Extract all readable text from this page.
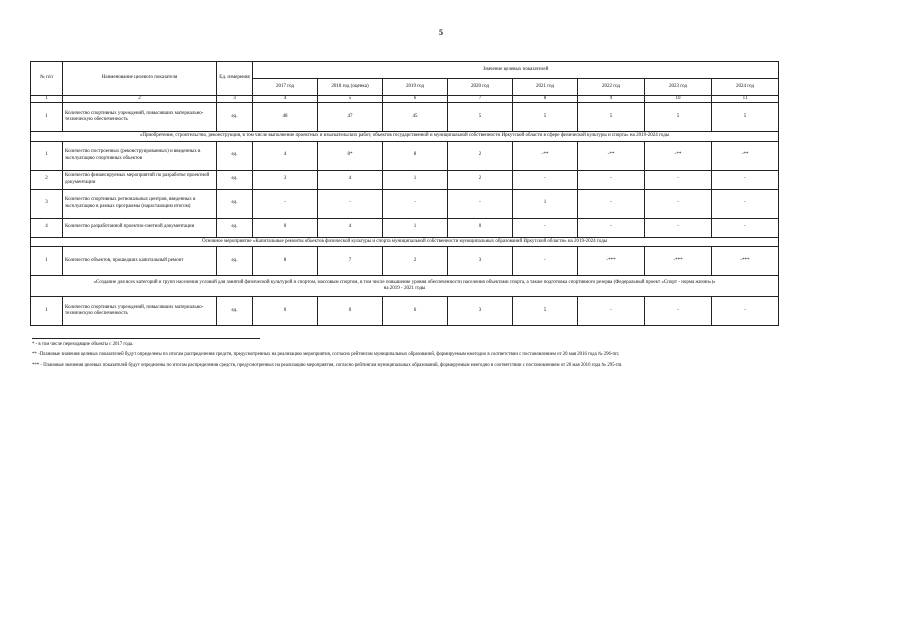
5
№ п/п	Наименование целевого показателя	Ед. измерения	Значение целевых показателей							
			2017 год	2018 год (оценка)	2019 год	2020 год	2021 год	2022 год	2023 год	2024 год
1	2	3	4	5	6	7	8	9	10	11
1	Количество спортивных учреждений, повысивших материально-техническую обеспеченность	ед.	48	47	45	5	5	5	5	5
«Приобретение, строительство, реконструкция, в том числе выполнение проектных и изыскательских работ, объектов государственной и муниципальной собственности Иркутской области в сфере физической культуры и спорта» на 2019-2024 годы										
1	Количество построенных (реконструированных) и введенных в эксплуатацию спортивных объектов	ед.	4	8*	8	2	-**	-**	-**	-**
2	Количество финансируемых мероприятий по разработке проектной документации	ед.	3	4	1	2	-	-	-	-
3	Количество спортивных региональных центров, введенных в эксплуатацию в рамках программы (нарастающим итогом)	ед.	-	-	-	-	1	-	-	-
4	Количество разработанной проектно-сметной документации	ед.	0	4	1	0	-	-	-	-
Основное мероприятие «Капитальные ремонты объектов физической культуры и спорта муниципальной собственности муниципальных образований Иркутской области» на 2019-2024 годы										
1	Количество объектов, прошедших капитальный ремонт	ед.	8	7	2	3	-	-***	-***	-***
«Создание для всех категорий и групп населения условий для занятий физической культурой и спортом, массовым спортом, в том числе повышение уровня обеспеченности населения объектами спорта, а также подготовка спортивного резерва (Федеральный проект «Спорт - норма жизни»)» на 2019 - 2021 годы										
1	Количество спортивных учреждений, повысивших материально-техническую обеспеченность	ед.	0	0	6	3	5	-	-	-

* - в том числе переходящие объекты с 2017 года.

** -Плановые значения целевых показателей будут определены по итогам распределения средств, предусмотренных на реализацию мероприятия, согласно рейтингам муниципальных образований, формируемым ежегодно в соответствии с постановлением от 20 мая 2016 года № 296-пп;

*** - Плановые значения целевых показателей будут определены по итогам распределения средств, предусмотренных на реализацию мероприятия, согласно рейтингам муниципальных образований, формируемым ежегодно в соответствии с постановлением от 20 мая 2016 года № 295-пп.
